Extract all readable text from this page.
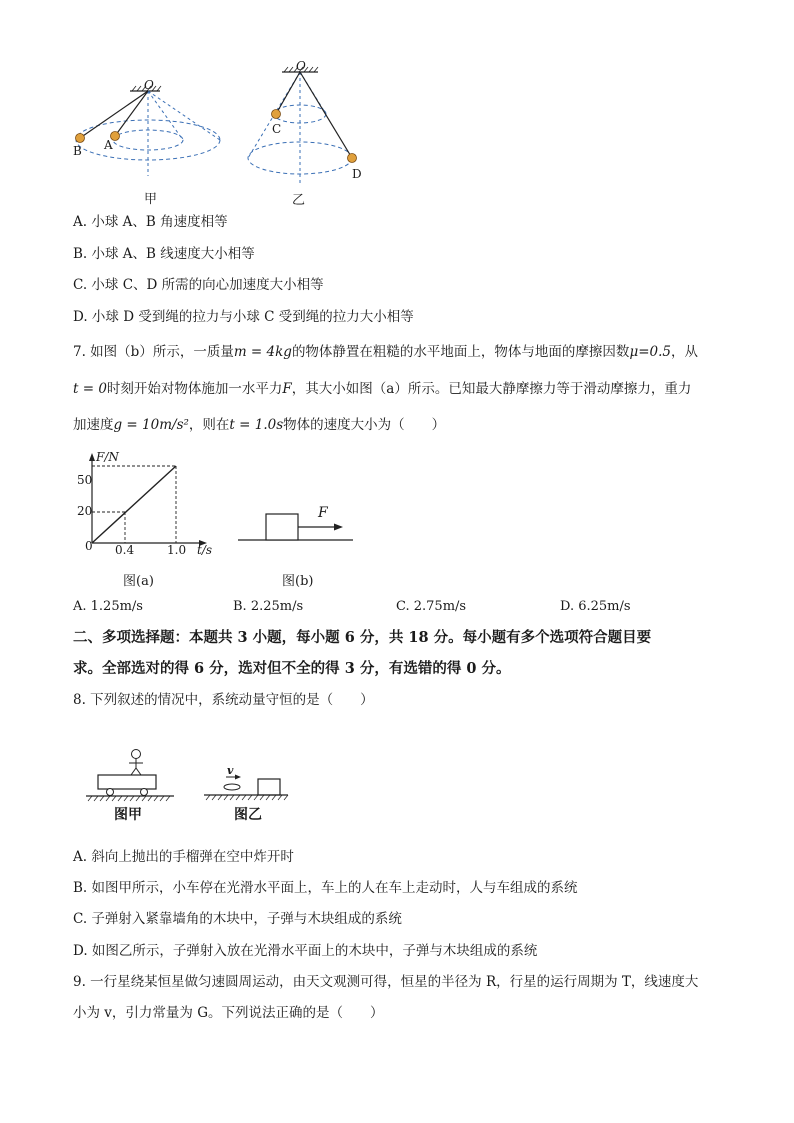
O
A
B
甲
O
C
D
乙
A. 小球 A、B 角速度相等
B. 小球 A、B 线速度大小相等
C. 小球 C、D 所需的向心加速度大小相等
D. 小球 D 受到绳的拉力与小球 C 受到绳的拉力大小相等
7. 如图（b）所示，一质量m = 4kg的物体静置在粗糙的水平地面上，物体与地面的摩擦因数μ=0.5，从
t = 0时刻开始对物体施加一水平力F，其大小如图（a）所示。已知最大静摩擦力等于滑动摩擦力，重力
加速度g = 10m/s²，则在t = 1.0s物体的速度大小为（　　）
F/N
50
20
0 0.4	1.0 t/s
图(a)
F
图(b)
A. 1.25m/s	B. 2.25m/s	C. 2.75m/s	D. 6.25m/s
二、多项选择题：本题共 3 小题，每小题 6 分，共 18 分。每小题有多个选项符合题目要
求。全部选对的得 6 分，选对但不全的得 3 分，有选错的得 0 分。
8. 下列叙述的情况中，系统动量守恒的是（　　）
图甲
v
图乙
A. 斜向上抛出的手榴弹在空中炸开时
B. 如图甲所示，小车停在光滑水平面上，车上的人在车上走动时，人与车组成的系统
C. 子弹射入紧靠墙角的木块中，子弹与木块组成的系统
D. 如图乙所示，子弹射入放在光滑水平面上的木块中，子弹与木块组成的系统
9. 一行星绕某恒星做匀速圆周运动，由天文观测可得，恒星的半径为 R，行星的运行周期为 T，线速度大
小为 v，引力常量为 G。下列说法正确的是（　　）
